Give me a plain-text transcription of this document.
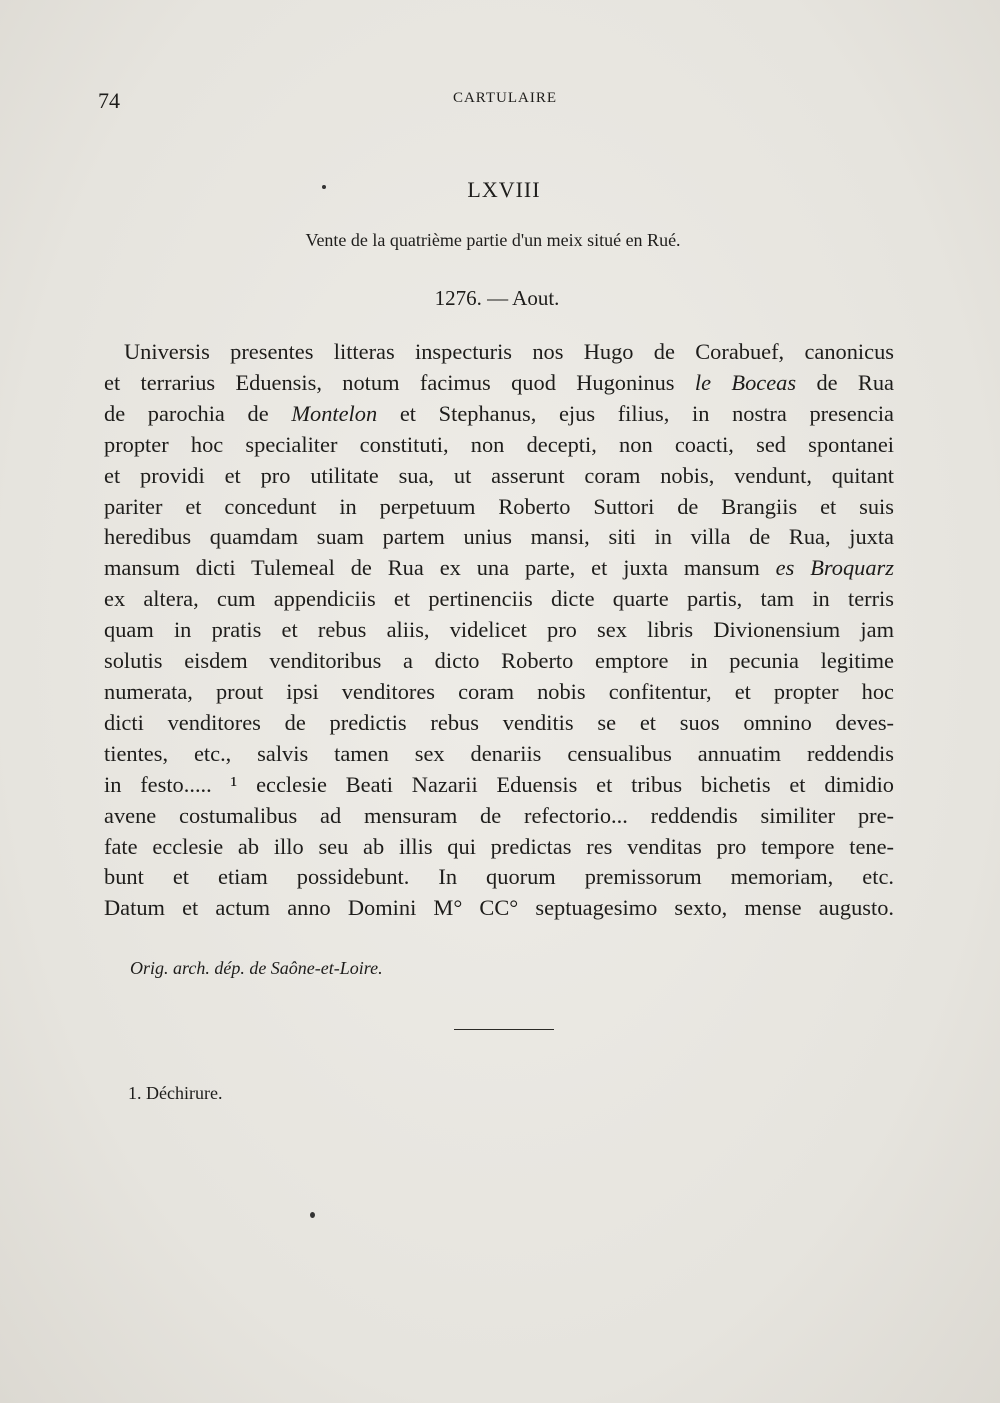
74	CARTULAIRE
LXVIII
Vente de la quatrième partie d'un meix situé en Rué.
1276. — Aout.
Universis presentes litteras inspecturis nos Hugo de Corabuef, canonicus
et terrarius Eduensis, notum facimus quod Hugoninus le Boceas de Rua
de parochia de Montelon et Stephanus, ejus filius, in nostra presencia
propter hoc specialiter constituti, non decepti, non coacti, sed spontanei
et providi et pro utilitate sua, ut asserunt coram nobis, vendunt, quitant
pariter et concedunt in perpetuum Roberto Suttori de Brangiis et suis
heredibus quamdam suam partem unius mansi, siti in villa de Rua, juxta
mansum dicti Tulemeal de Rua ex una parte, et juxta mansum es Broquarz
ex altera, cum appendiciis et pertinenciis dicte quarte partis, tam in terris
quam in pratis et rebus aliis, videlicet pro sex libris Divionensium jam
solutis eisdem venditoribus a dicto Roberto emptore in pecunia legitime
numerata, prout ipsi venditores coram nobis confitentur, et propter hoc
dicti venditores de predictis rebus venditis se et suos omnino deves-
tientes, etc., salvis tamen sex denariis censualibus annuatim reddendis
in festo..... ¹ ecclesie Beati Nazarii Eduensis et tribus bichetis et dimidio
avene costumalibus ad mensuram de refectorio... reddendis similiter pre-
fate ecclesie ab illo seu ab illis qui predictas res venditas pro tempore tene-
bunt et etiam possidebunt. In quorum premissorum memoriam, etc.
Datum et actum anno Domini M° CC° septuagesimo sexto, mense augusto.
Orig. arch. dép. de Saône-et-Loire.
1. Déchirure.
